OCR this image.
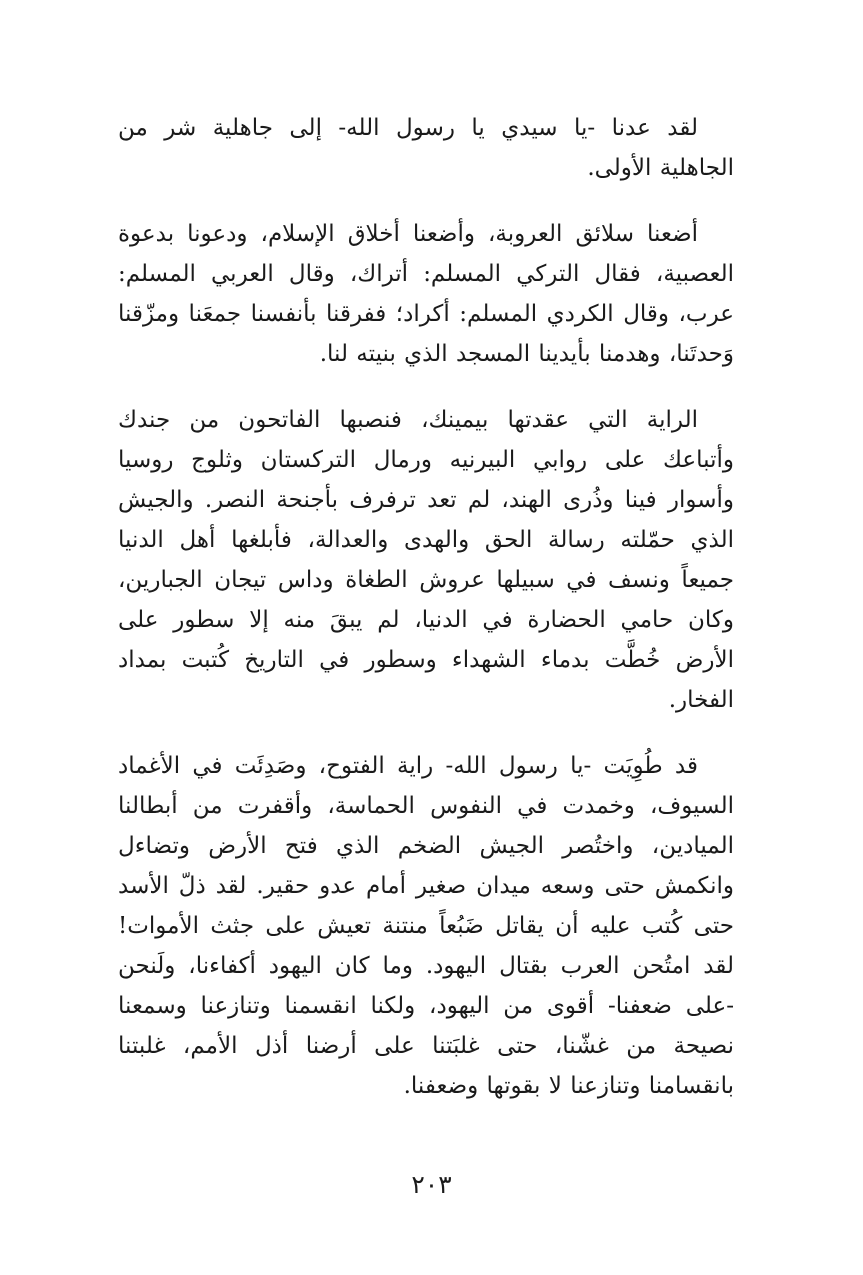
لقد عدنا -يا سيدي يا رسول الله- إلى جاهلية شر من الجاهلية الأولى.

أضعنا سلائق العروبة، وأضعنا أخلاق الإسلام، ودعونا بدعوة العصبية، فقال التركي المسلم: أتراك، وقال العربي المسلم: عرب، وقال الكردي المسلم: أكراد؛ ففرقنا بأنفسنا جمعَنا ومزّقنا وَحدتَنا، وهدمنا بأيدينا المسجد الذي بنيته لنا.

الراية التي عقدتها بيمينك، فنصبها الفاتحون من جندك وأتباعك على روابي البيرنيه ورمال التركستان وثلوج روسيا وأسوار فينا وذُرى الهند، لم تعد ترفرف بأجنحة النصر. والجيش الذي حمّلته رسالة الحق والهدى والعدالة، فأبلغها أهل الدنيا جميعاً ونسف في سبيلها عروش الطغاة وداس تيجان الجبارين، وكان حامي الحضارة في الدنيا، لم يبقَ منه إلا سطور على الأرض خُطَّت بدماء الشهداء وسطور في التاريخ كُتبت بمداد الفخار.

قد طُوِيَت -يا رسول الله- راية الفتوح، وصَدِئَت في الأغماد السيوف، وخمدت في النفوس الحماسة، وأقفرت من أبطالنا الميادين، واختُصر الجيش الضخم الذي فتح الأرض وتضاءل وانكمش حتى وسعه ميدان صغير أمام عدو حقير. لقد ذلّ الأسد حتى كُتب عليه أن يقاتل ضَبُعاً منتنة تعيش على جثث الأموات! لقد امتُحن العرب بقتال اليهود. وما كان اليهود أكفاءنا، ولَنحن -على ضعفنا- أقوى من اليهود، ولكنا انقسمنا وتنازعنا وسمعنا نصيحة من غشّنا، حتى غلبَتنا على أرضنا أذل الأمم، غلبتنا بانقسامنا وتنازعنا لا بقوتها وضعفنا.

٢٠٣
